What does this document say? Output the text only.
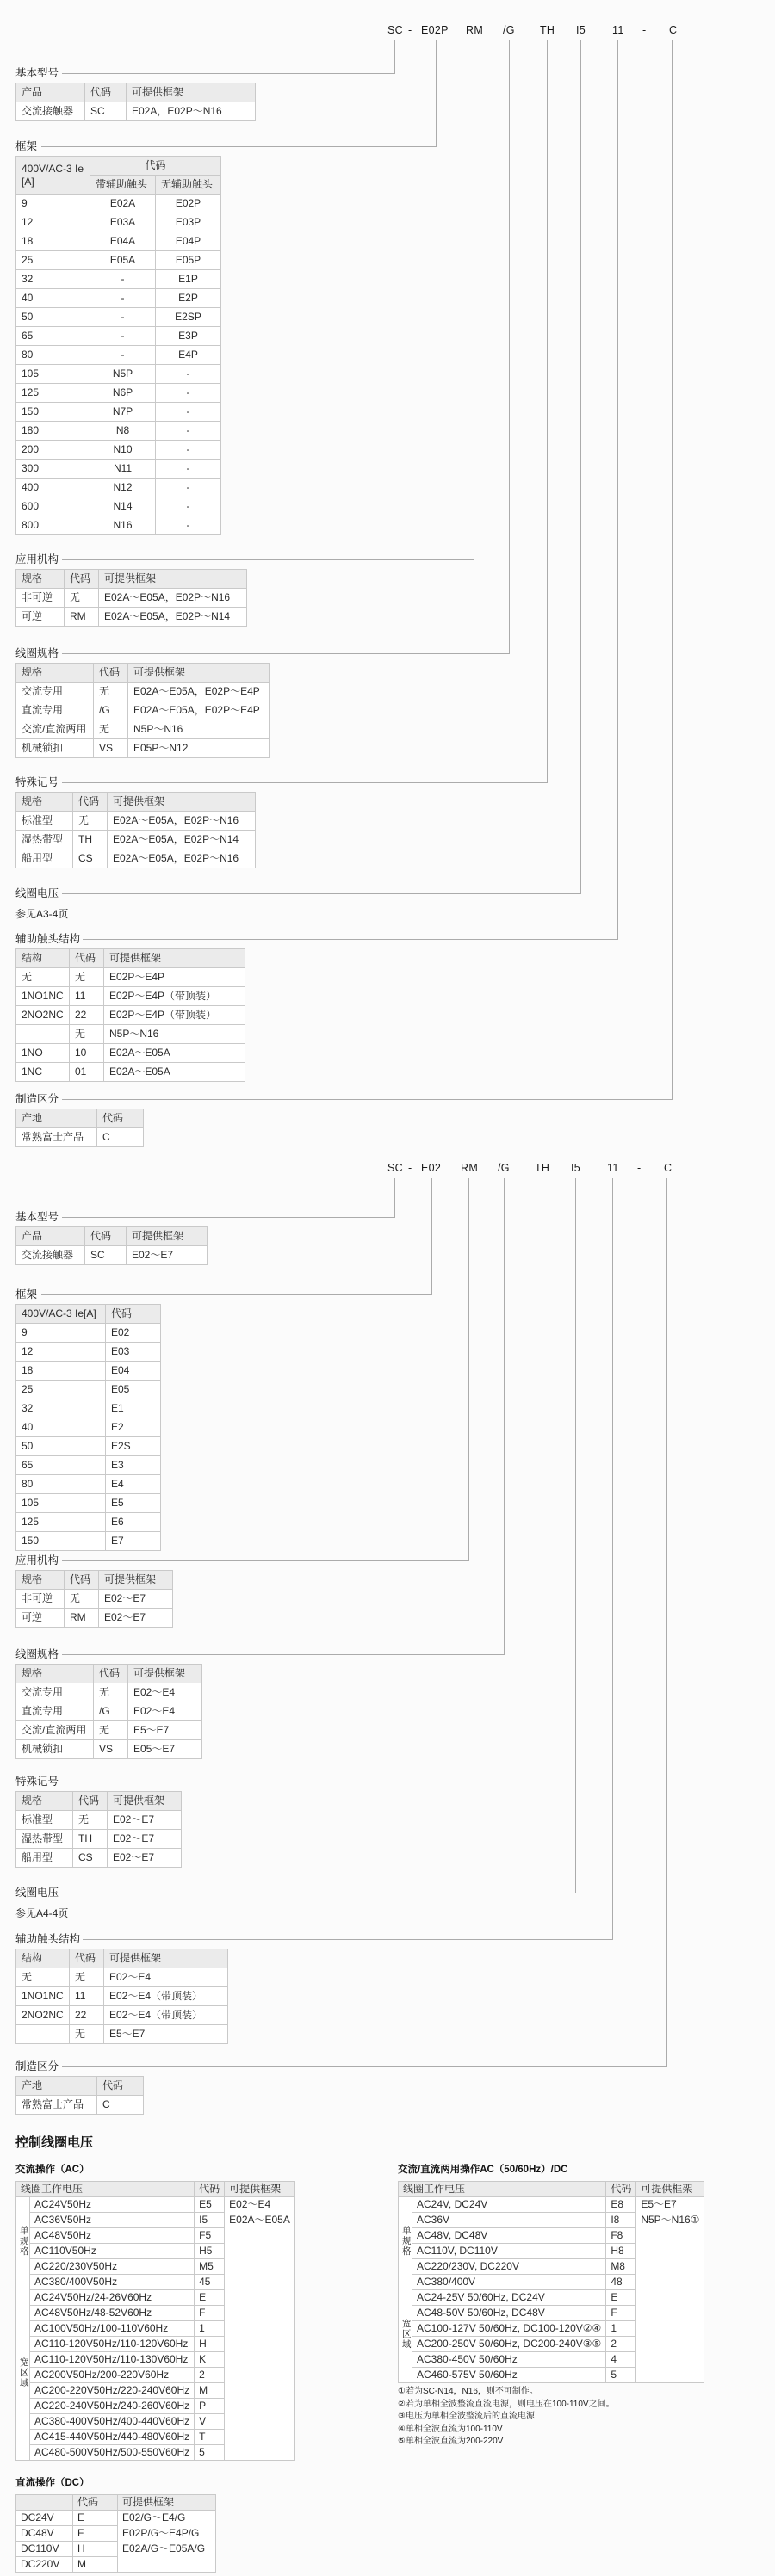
SC - E02P RM /G TH I5 11 - C
基本型号
产品	代码	可提供框架
交流接触器	SC	E02A，E02P～N16
框架
400V/AC-3 Ie
[A]	代码	
	带辅助触头	无辅助触头
9	E02A	E02P
12	E03A	E03P
18	E04A	E04P
25	E05A	E05P
32	-	E1P
40	-	E2P
50	-	E2SP
65	-	E3P
80	-	E4P
105	N5P	-
125	N6P	-
150	N7P	-
180	N8	-
200	N10	-
300	N11	-
400	N12	-
600	N14	-
800	N16	-
应用机构
规格	代码	可提供框架
非可逆	无	E02A～E05A，E02P～N16
可逆	RM	E02A～E05A，E02P～N14
线圈规格
规格	代码	可提供框架
交流专用	无	E02A～E05A，E02P～E4P
直流专用	/G	E02A～E05A，E02P～E4P
交流/直流两用	无	N5P～N16
机械锁扣	VS	E05P～N12
特殊记号
规格	代码	可提供框架
标准型	无	E02A～E05A，E02P～N16
湿热带型	TH	E02A～E05A，E02P～N14
船用型	CS	E02A～E05A，E02P～N16
线圈电压
参见A3-4页
辅助触头结构
结构	代码	可提供框架
无	无	E02P～E4P
1NO1NC	11	E02P～E4P（带顶装）
2NO2NC	22	E02P～E4P（带顶装）
	无	N5P～N16
1NO	10	E02A～E05A
1NC	01	E02A～E05A
制造区分
产地	代码
常熟富士产品	C
SC - E02 RM /G TH I5 11 - C
基本型号
产品	代码	可提供框架
交流接触器	SC	E02～E7
框架
400V/AC-3 Ie[A]	代码
9	E02
12	E03
18	E04
25	E05
32	E1
40	E2
50	E2S
65	E3
80	E4
105	E5
125	E6
150	E7
应用机构
规格	代码	可提供框架
非可逆	无	E02～E7
可逆	RM	E02～E7
线圈规格
规格	代码	可提供框架
交流专用	无	E02～E4
直流专用	/G	E02～E4
交流/直流两用	无	E5～E7
机械锁扣	VS	E05～E7
特殊记号
规格	代码	可提供框架
标准型	无	E02～E7
湿热带型	TH	E02～E7
船用型	CS	E02～E7
线圈电压
参见A4-4页
辅助触头结构
结构	代码	可提供框架
无	无	E02～E4
1NO1NC	11	E02～E4（带顶装）
2NO2NC	22	E02～E4（带顶装）
	无	E5～E7
制造区分
产地	代码
常熟富士产品	C
控制线圈电压
交流操作（AC）
线圈工作电压		代码	可提供框架
	AC24V50Hz	E5	E02～E4
	AC36V50Hz	I5	E02A～E05A
	AC48V50Hz	F5	
	AC110V50Hz	H5	
	AC220/230V50Hz	M5	
	AC380/400V50Hz	45	
	AC24V50Hz/24-26V60Hz	E	
	AC48V50Hz/48-52V60Hz	F	
	AC100V50Hz/100-110V60Hz	1	
	AC110-120V50Hz/110-120V60Hz	H	
	AC110-120V50Hz/110-130V60Hz	K	
	AC200V50Hz/200-220V60Hz	2	
	AC200-220V50Hz/220-240V60Hz	M	
	AC220-240V50Hz/240-260V60Hz	P	
	AC380-400V50Hz/400-440V60Hz	V	
	AC415-440V50Hz/440-480V60Hz	T	
	AC480-500V50Hz/500-550V60Hz	5	
单规格
宽区域
直流操作（DC）
	代码	可提供框架
DC24V	E	E02/G～E4/G
DC48V	F	E02P/G～E4P/G
DC110V	H	E02A/G～E05A/G
DC220V	M	
交流/直流两用操作AC（50/60Hz）/DC
线圈工作电压		代码	可提供框架
	AC24V, DC24V	E8	E5～E7
	AC36V	I8	N5P～N16①
	AC48V, DC48V	F8	
	AC110V, DC110V	H8	
	AC220/230V, DC220V	M8	
	AC380/400V	48	
	AC24-25V 50/60Hz, DC24V	E	
	AC48-50V 50/60Hz, DC48V	F	
	AC100-127V 50/60Hz, DC100-120V②④	1	
	AC200-250V 50/60Hz, DC200-240V③⑤	2	
	AC380-450V 50/60Hz	4	
	AC460-575V 50/60Hz	5	
单规格
宽区域
①若为SC-N14，N16，则不可制作。
②若为单相全波整流直流电源，则电压在100-110V之间。
③电压为单相全波整流后的直流电源
④单相全波直流为100-110V
⑤单相全波直流为200-220V
